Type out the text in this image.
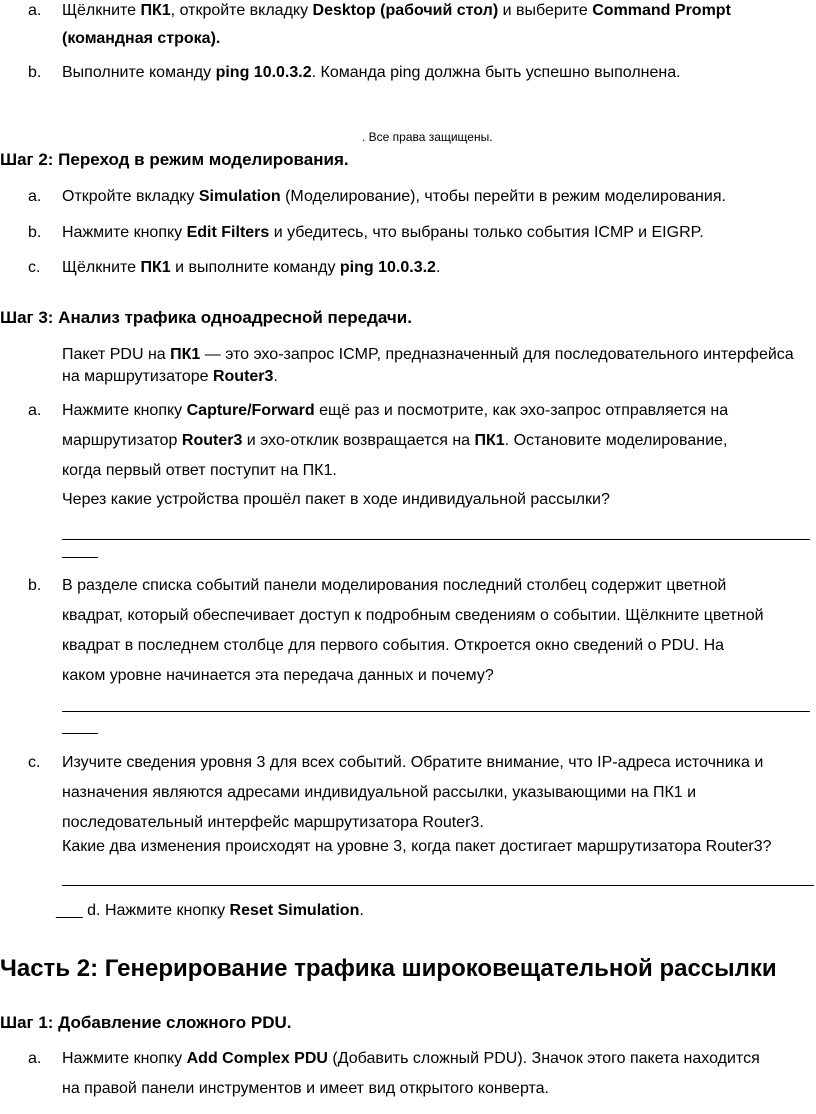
a. Щёлкните ПК1, откройте вкладку Desktop (рабочий стол) и выберите Command Prompt
(командная строка).
b. Выполните команду ping 10.0.3.2. Команда ping должна быть успешно выполнена.
. Все права защищены.
Шаг 2: Переход в режим моделирования.
a. Откройте вкладку Simulation (Моделирование), чтобы перейти в режим моделирования.
b. Нажмите кнопку Edit Filters и убедитесь, что выбраны только события ICMP и EIGRP.
c. Щёлкните ПК1 и выполните команду ping 10.0.3.2.
Шаг 3: Анализ трафика одноадресной передачи.
Пакет PDU на ПК1 — это эхо-запрос ICMP, предназначенный для последовательного интерфейса
на маршрутизаторе Router3.
a. Нажмите кнопку Capture/Forward ещё раз и посмотрите, как эхо-запрос отправляется на
маршрутизатор Router3 и эхо-отклик возвращается на ПК1. Остановите моделирование,
когда первый ответ поступит на ПК1.
Через какие устройства прошёл пакет в ходе индивидуальной рассылки?
b. В разделе списка событий панели моделирования последний столбец содержит цветной
квадрат, который обеспечивает доступ к подробным сведениям о событии. Щёлкните цветной
квадрат в последнем столбце для первого события. Откроется окно сведений о PDU. На
каком уровне начинается эта передача данных и почему?
c. Изучите сведения уровня 3 для всех событий. Обратите внимание, что IP-адреса источника и
назначения являются адресами индивидуальной рассылки, указывающими на ПК1 и
последовательный интерфейс маршрутизатора Router3.
Какие два изменения происходят на уровне 3, когда пакет достигает маршрутизатора Router3?
___ d. Нажмите кнопку Reset Simulation.
Часть 2: Генерирование трафика широковещательной рассылки
Шаг 1: Добавление сложного PDU.
a. Нажмите кнопку Add Complex PDU (Добавить сложный PDU). Значок этого пакета находится
на правой панели инструментов и имеет вид открытого конверта.
